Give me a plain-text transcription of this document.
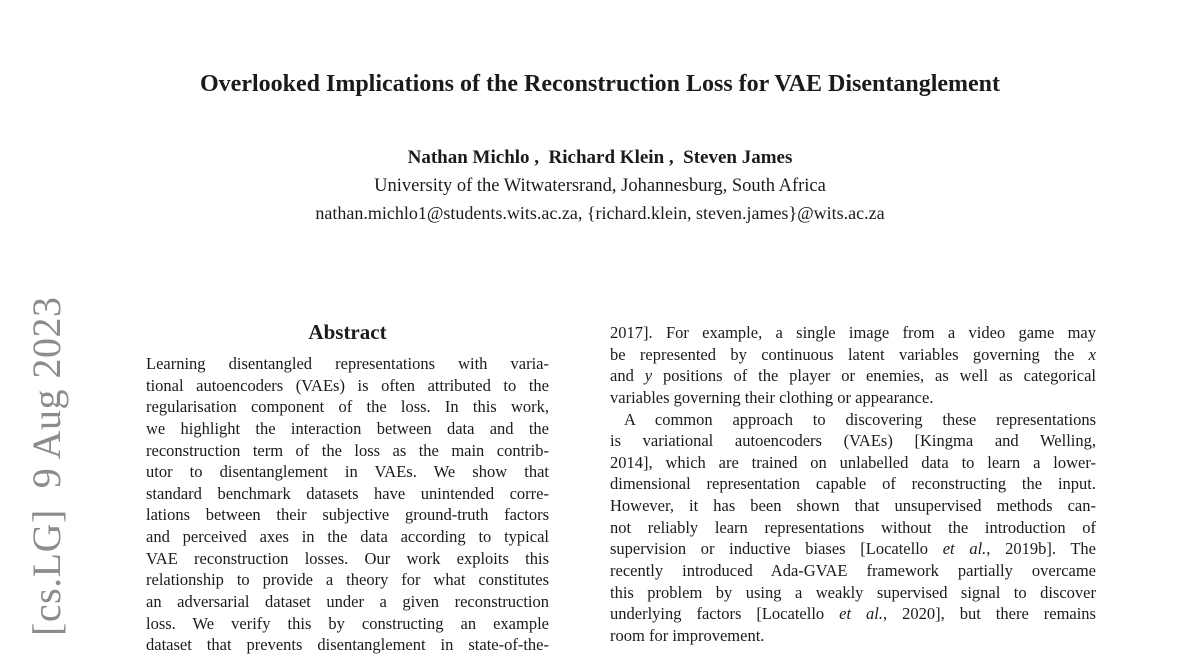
[cs.LG]  9 Aug 2023
Overlooked Implications of the Reconstruction Loss for VAE Disentanglement
Nathan Michlo ,  Richard Klein ,  Steven James
University of the Witwatersrand, Johannesburg, South Africa
nathan.michlo1@students.wits.ac.za, {richard.klein, steven.james}@wits.ac.za
Abstract
Learning disentangled representations with varia-
tional autoencoders (VAEs) is often attributed to the
regularisation component of the loss. In this work,
we highlight the interaction between data and the
reconstruction term of the loss as the main contrib-
utor to disentanglement in VAEs. We show that
standard benchmark datasets have unintended corre-
lations between their subjective ground-truth factors
and perceived axes in the data according to typical
VAE reconstruction losses. Our work exploits this
relationship to provide a theory for what constitutes
an adversarial dataset under a given reconstruction
loss. We verify this by constructing an example
dataset that prevents disentanglement in state-of-the-
2017]. For example, a single image from a video game may
be represented by continuous latent variables governing the x
and y positions of the player or enemies, as well as categorical
variables governing their clothing or appearance.
A common approach to discovering these representations
is variational autoencoders (VAEs) [Kingma and Welling,
2014], which are trained on unlabelled data to learn a lower-
dimensional representation capable of reconstructing the input.
However, it has been shown that unsupervised methods can-
not reliably learn representations without the introduction of
supervision or inductive biases [Locatello et al., 2019b]. The
recently introduced Ada-GVAE framework partially overcame
this problem by using a weakly supervised signal to discover
underlying factors [Locatello et al., 2020], but there remains
room for improvement.
